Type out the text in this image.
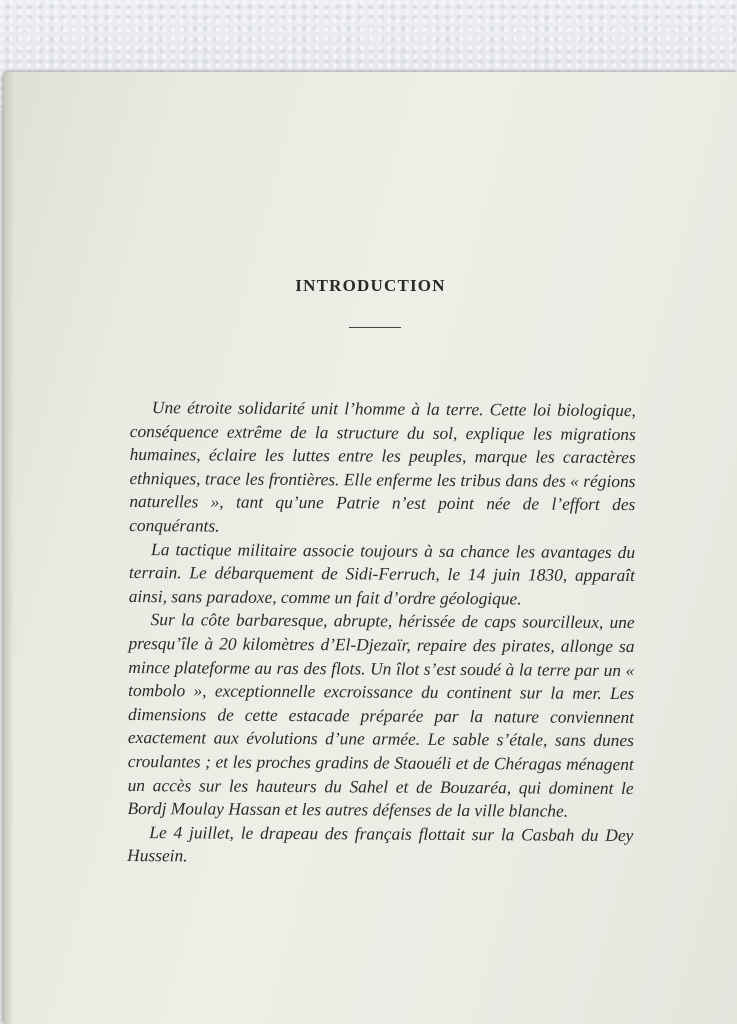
INTRODUCTION

Une étroite solidarité unit l’homme à la terre. Cette loi biologique, conséquence extrême de la structure du sol, explique les migrations humaines, éclaire les luttes entre les peuples, marque les caractères ethniques, trace les frontières. Elle enferme les tribus dans des « régions naturelles », tant qu’une Patrie n’est point née de l’effort des conquérants.

La tactique militaire associe toujours à sa chance les avantages du terrain. Le débarquement de Sidi-Ferruch, le 14 juin 1830, apparaît ainsi, sans paradoxe, comme un fait d’ordre géologique.

Sur la côte barbaresque, abrupte, hérissée de caps sourcilleux, une presqu’île à 20 kilomètres d’El-Djezaïr, repaire des pirates, allonge sa mince plateforme au ras des flots. Un îlot s’est soudé à la terre par un « tombolo », exceptionnelle excroissance du continent sur la mer. Les dimensions de cette estacade préparée par la nature conviennent exactement aux évolutions d’une armée. Le sable s’étale, sans dunes croulantes ; et les proches gradins de Staouéli et de Chéragas ménagent un accès sur les hauteurs du Sahel et de Bouzaréa, qui dominent le Bordj Moulay Hassan et les autres défenses de la ville blanche.

Le 4 juillet, le drapeau des français flottait sur la Casbah du Dey Hussein.
